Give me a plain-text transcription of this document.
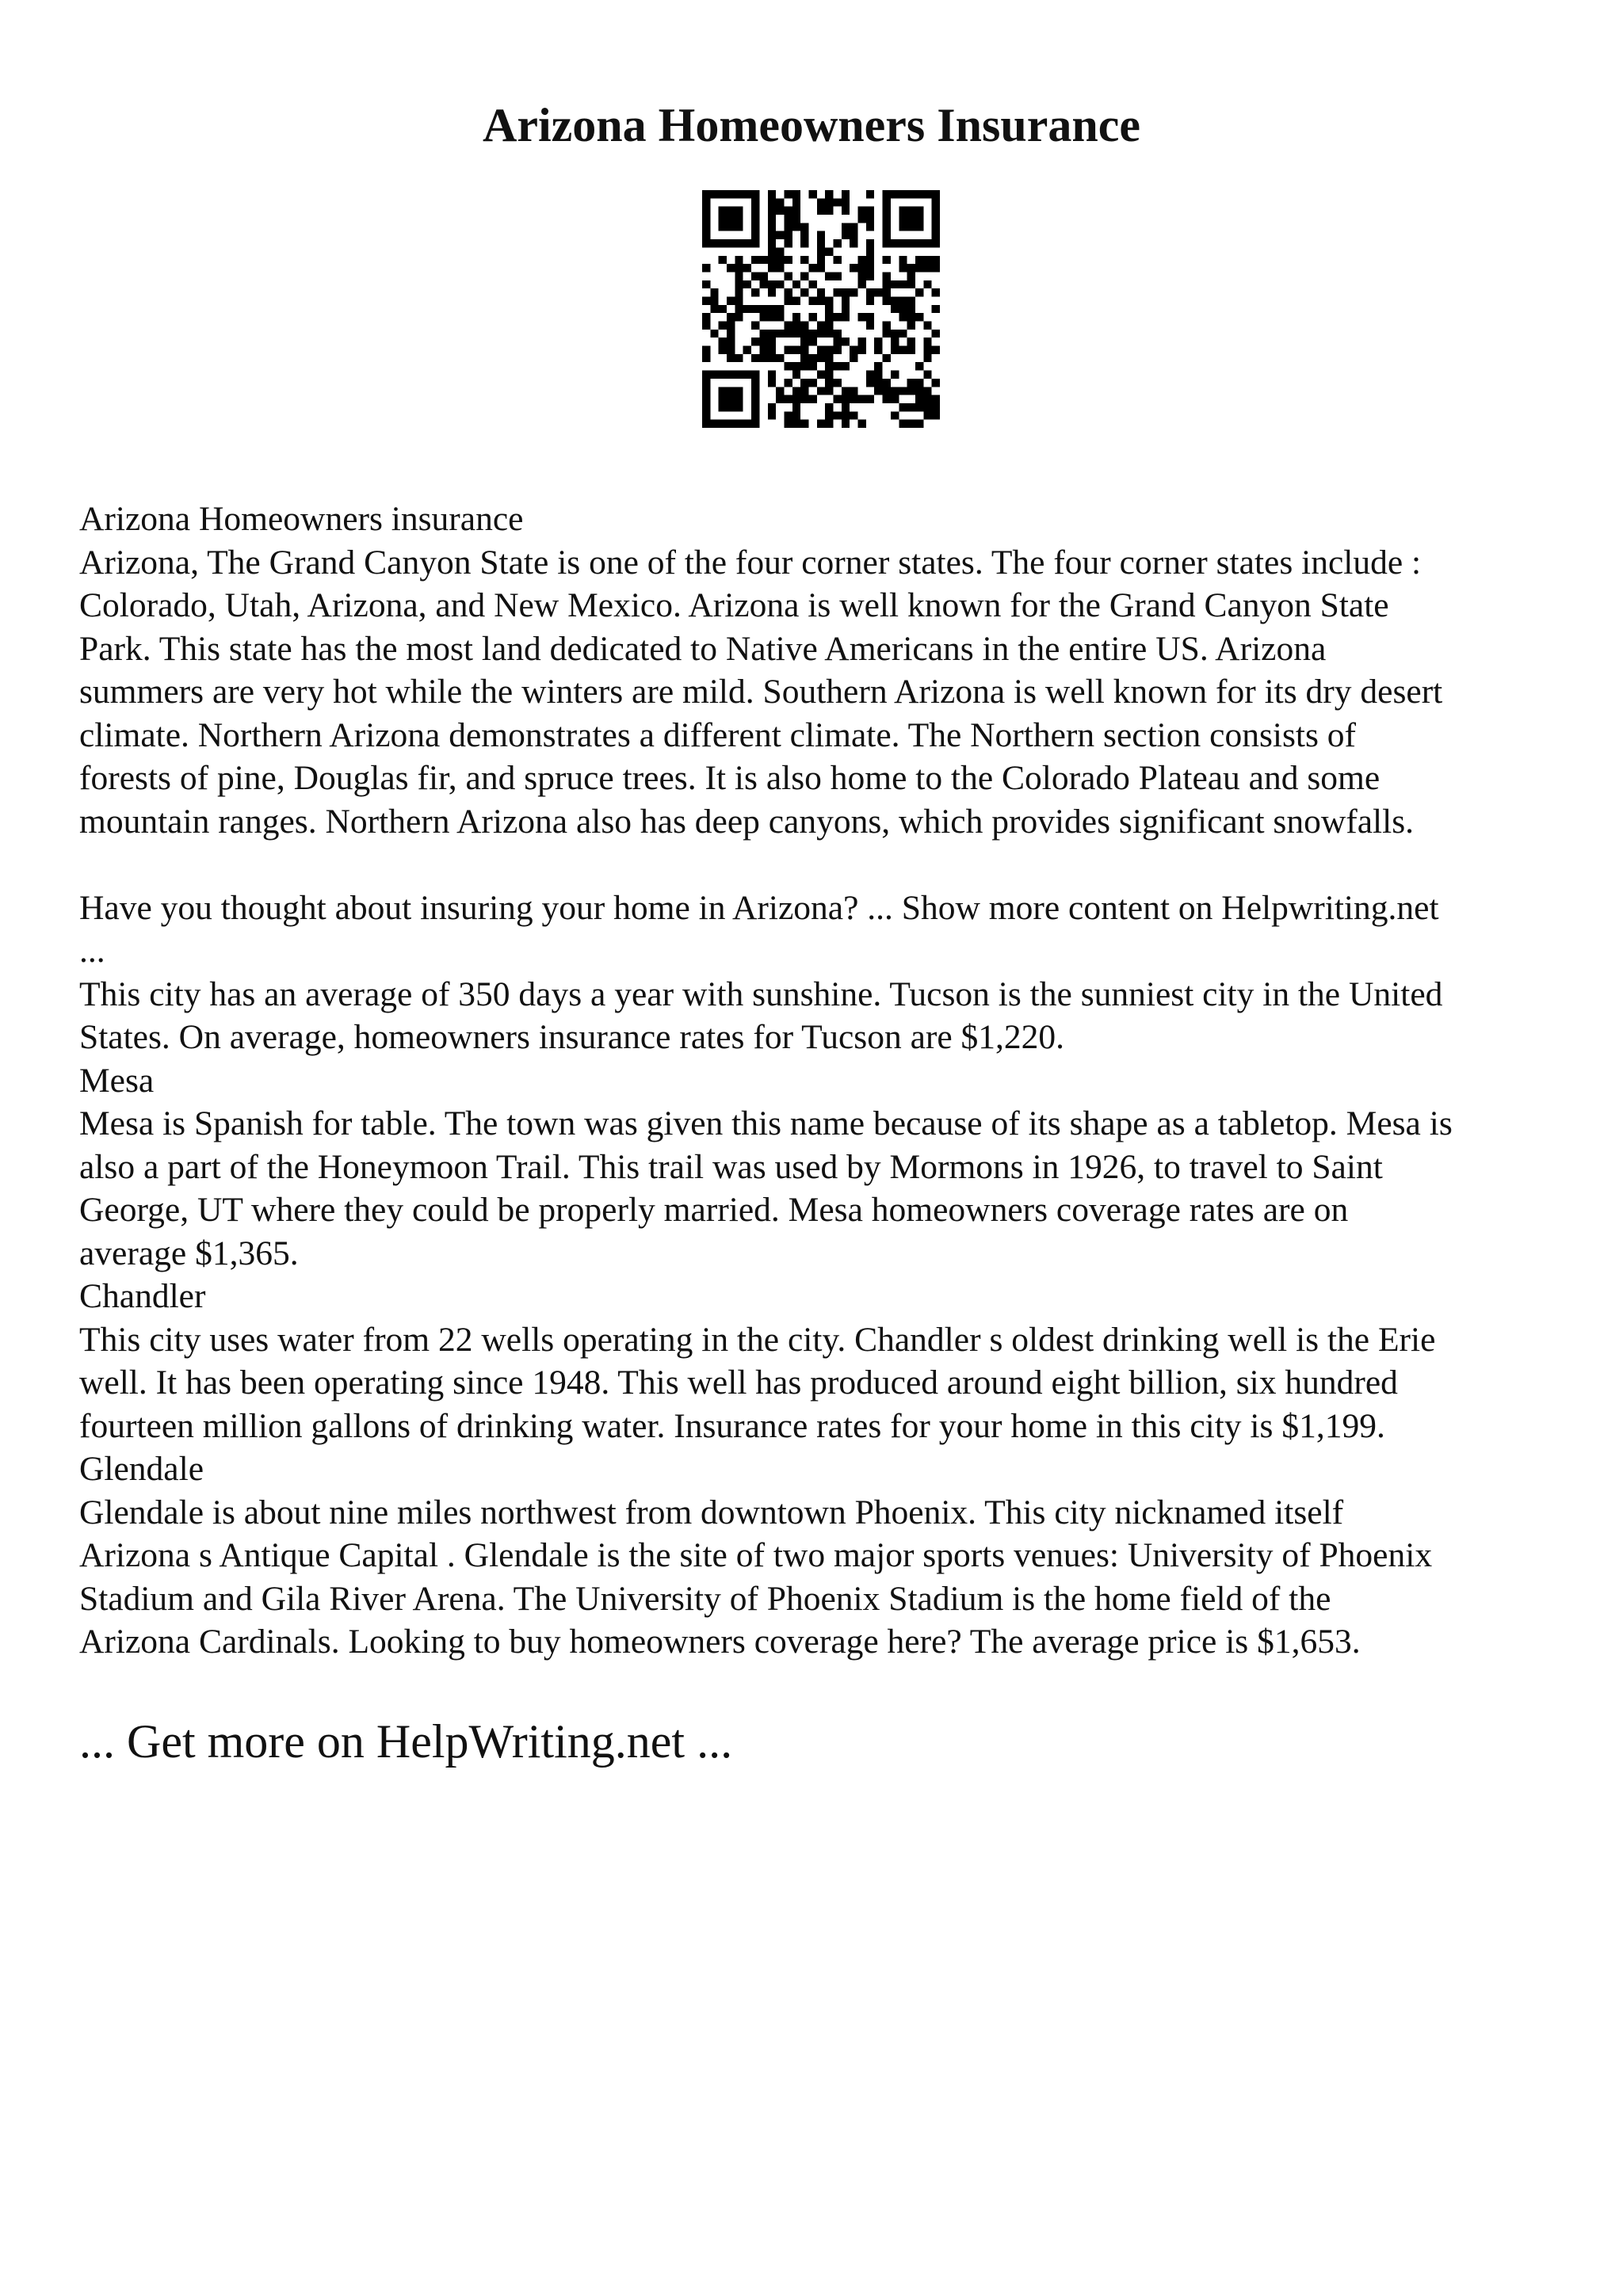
Arizona Homeowners Insurance
Arizona Homeowners insurance
Arizona, The Grand Canyon State is one of the four corner states. The four corner states include :
Colorado, Utah, Arizona, and New Mexico. Arizona is well known for the Grand Canyon State
Park. This state has the most land dedicated to Native Americans in the entire US. Arizona
summers are very hot while the winters are mild. Southern Arizona is well known for its dry desert
climate. Northern Arizona demonstrates a different climate. The Northern section consists of
forests of pine, Douglas fir, and spruce trees. It is also home to the Colorado Plateau and some
mountain ranges. Northern Arizona also has deep canyons, which provides significant snowfalls.
Have you thought about insuring your home in Arizona? ... Show more content on Helpwriting.net
...
This city has an average of 350 days a year with sunshine. Tucson is the sunniest city in the United
States. On average, homeowners insurance rates for Tucson are $1,220.
Mesa
Mesa is Spanish for table. The town was given this name because of its shape as a tabletop. Mesa is
also a part of the Honeymoon Trail. This trail was used by Mormons in 1926, to travel to Saint
George, UT where they could be properly married. Mesa homeowners coverage rates are on
average $1,365.
Chandler
This city uses water from 22 wells operating in the city. Chandler s oldest drinking well is the Erie
well. It has been operating since 1948. This well has produced around eight billion, six hundred
fourteen million gallons of drinking water. Insurance rates for your home in this city is $1,199.
Glendale
Glendale is about nine miles northwest from downtown Phoenix. This city nicknamed itself
Arizona s Antique Capital . Glendale is the site of two major sports venues: University of Phoenix
Stadium and Gila River Arena. The University of Phoenix Stadium is the home field of the
Arizona Cardinals. Looking to buy homeowners coverage here? The average price is $1,653.
... Get more on HelpWriting.net ...
